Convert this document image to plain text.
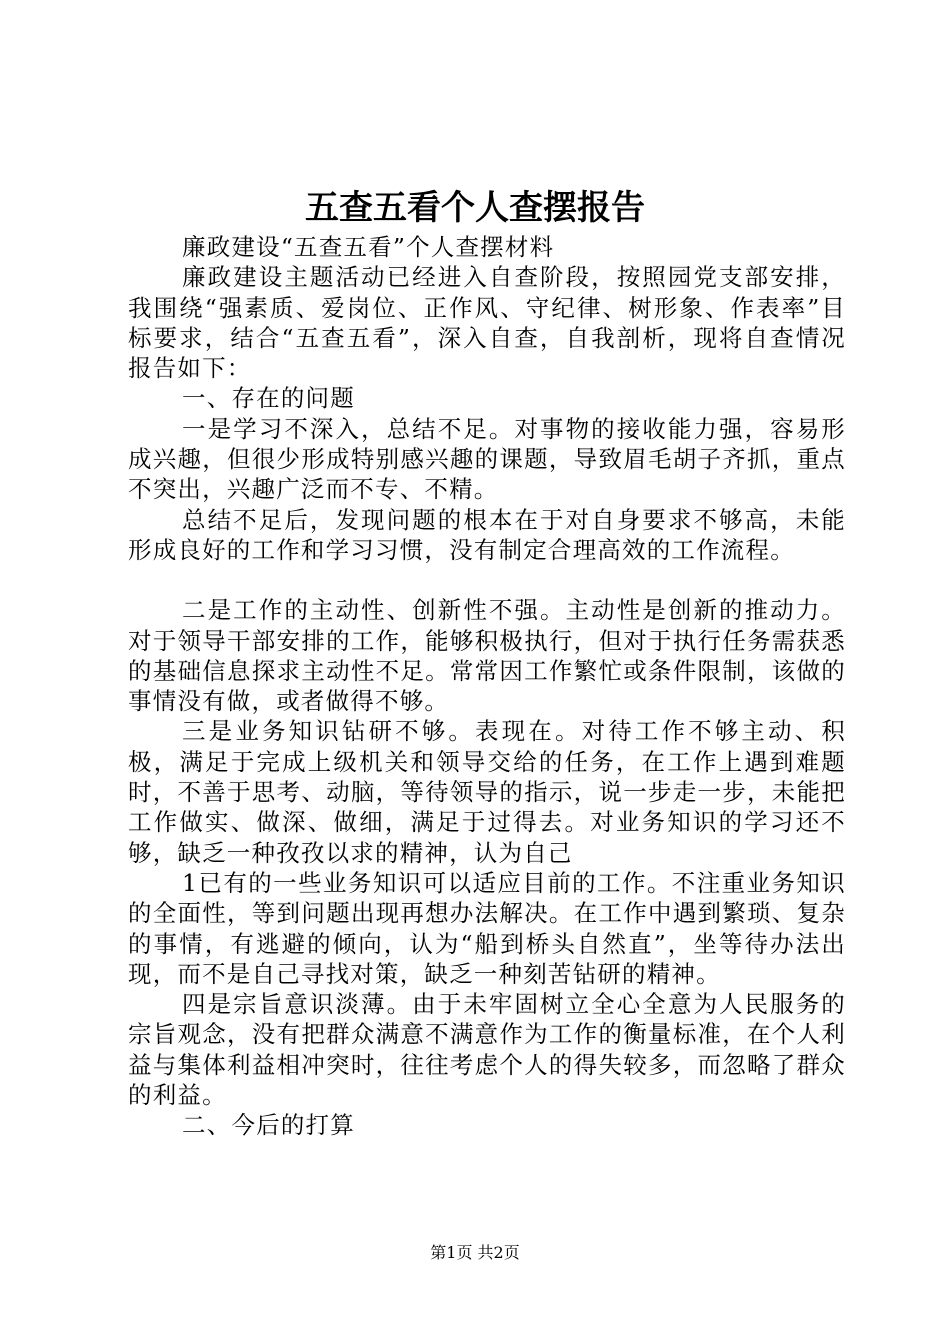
五查五看个人查摆报告

廉政建设“五查五看”个人查摆材料

廉政建设主题活动已经进入自查阶段，按照园党支部安排，我围绕“强素质、爱岗位、正作风、守纪律、树形象、作表率”目标要求，结合“五查五看”，深入自查，自我剖析，现将自查情况报告如下：

一、存在的问题

一是学习不深入，总结不足。对事物的接收能力强，容易形成兴趣，但很少形成特别感兴趣的课题，导致眉毛胡子齐抓，重点不突出，兴趣广泛而不专、不精。

总结不足后，发现问题的根本在于对自身要求不够高，未能形成良好的工作和学习习惯，没有制定合理高效的工作流程。

二是工作的主动性、创新性不强。主动性是创新的推动力。对于领导干部安排的工作，能够积极执行，但对于执行任务需获悉的基础信息探求主动性不足。常常因工作繁忙或条件限制，该做的事情没有做，或者做得不够。

三是业务知识钻研不够。表现在。对待工作不够主动、积极，满足于完成上级机关和领导交给的任务，在工作上遇到难题时，不善于思考、动脑，等待领导的指示，说一步走一步，未能把工作做实、做深、做细，满足于过得去。对业务知识的学习还不够，缺乏一种孜孜以求的精神，认为自己

1已有的一些业务知识可以适应目前的工作。不注重业务知识的全面性，等到问题出现再想办法解决。在工作中遇到繁琐、复杂的事情，有逃避的倾向，认为“船到桥头自然直”，坐等待办法出现，而不是自己寻找对策，缺乏一种刻苦钻研的精神。

四是宗旨意识淡薄。由于未牢固树立全心全意为人民服务的宗旨观念，没有把群众满意不满意作为工作的衡量标准，在个人利益与集体利益相冲突时，往往考虑个人的得失较多，而忽略了群众的利益。

二、今后的打算

第1页 共2页
